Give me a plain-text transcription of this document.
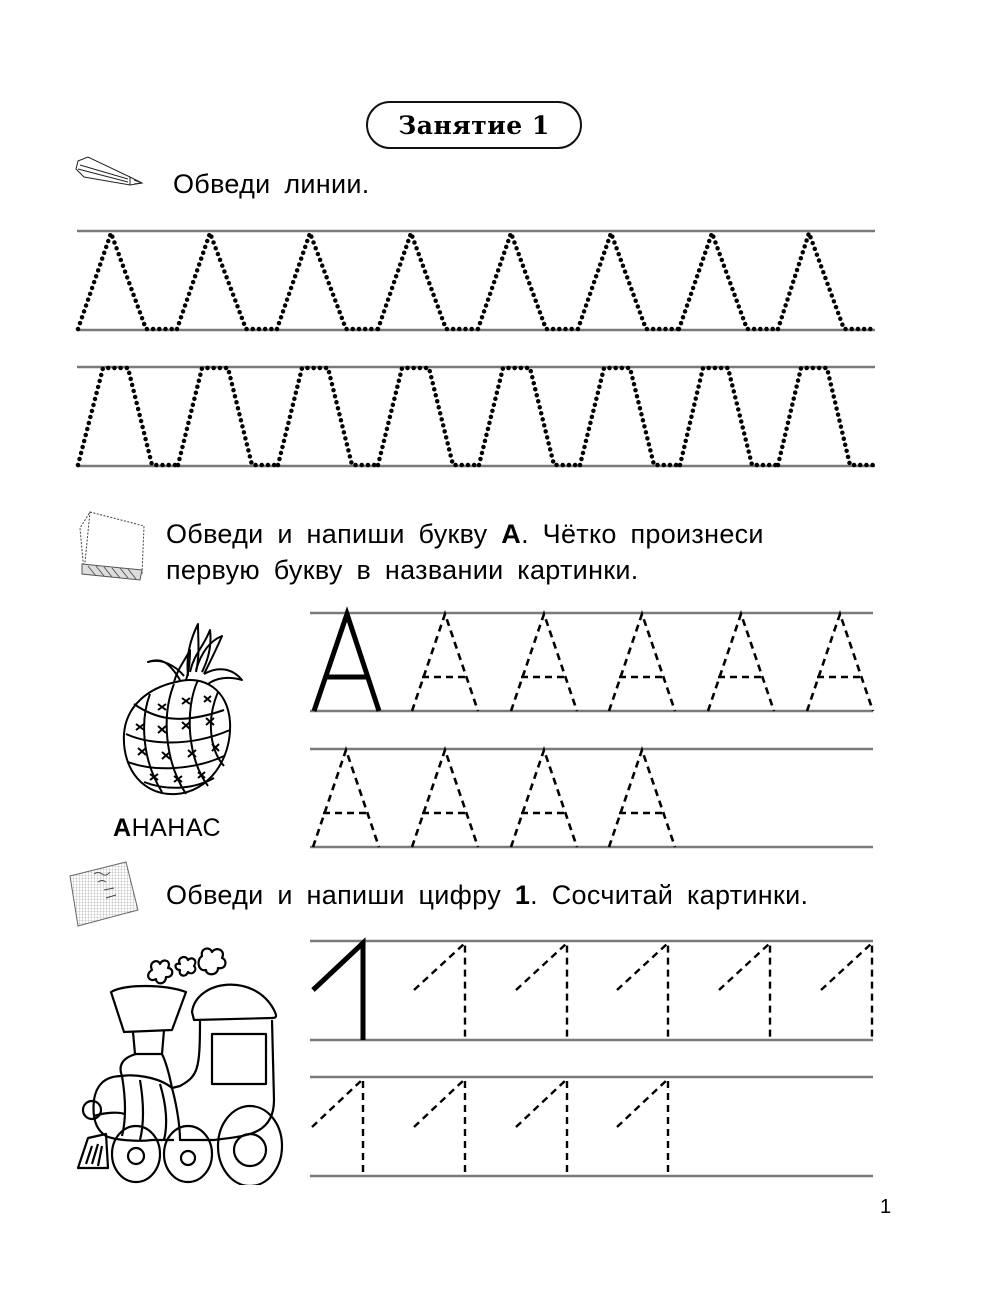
Занятие 1
Обведи линии.
Обведи и напиши букву А. Чётко произнеси
первую букву в названии картинки.
АНАНАС
Обведи и напиши цифру 1. Сосчитай картинки.
1
